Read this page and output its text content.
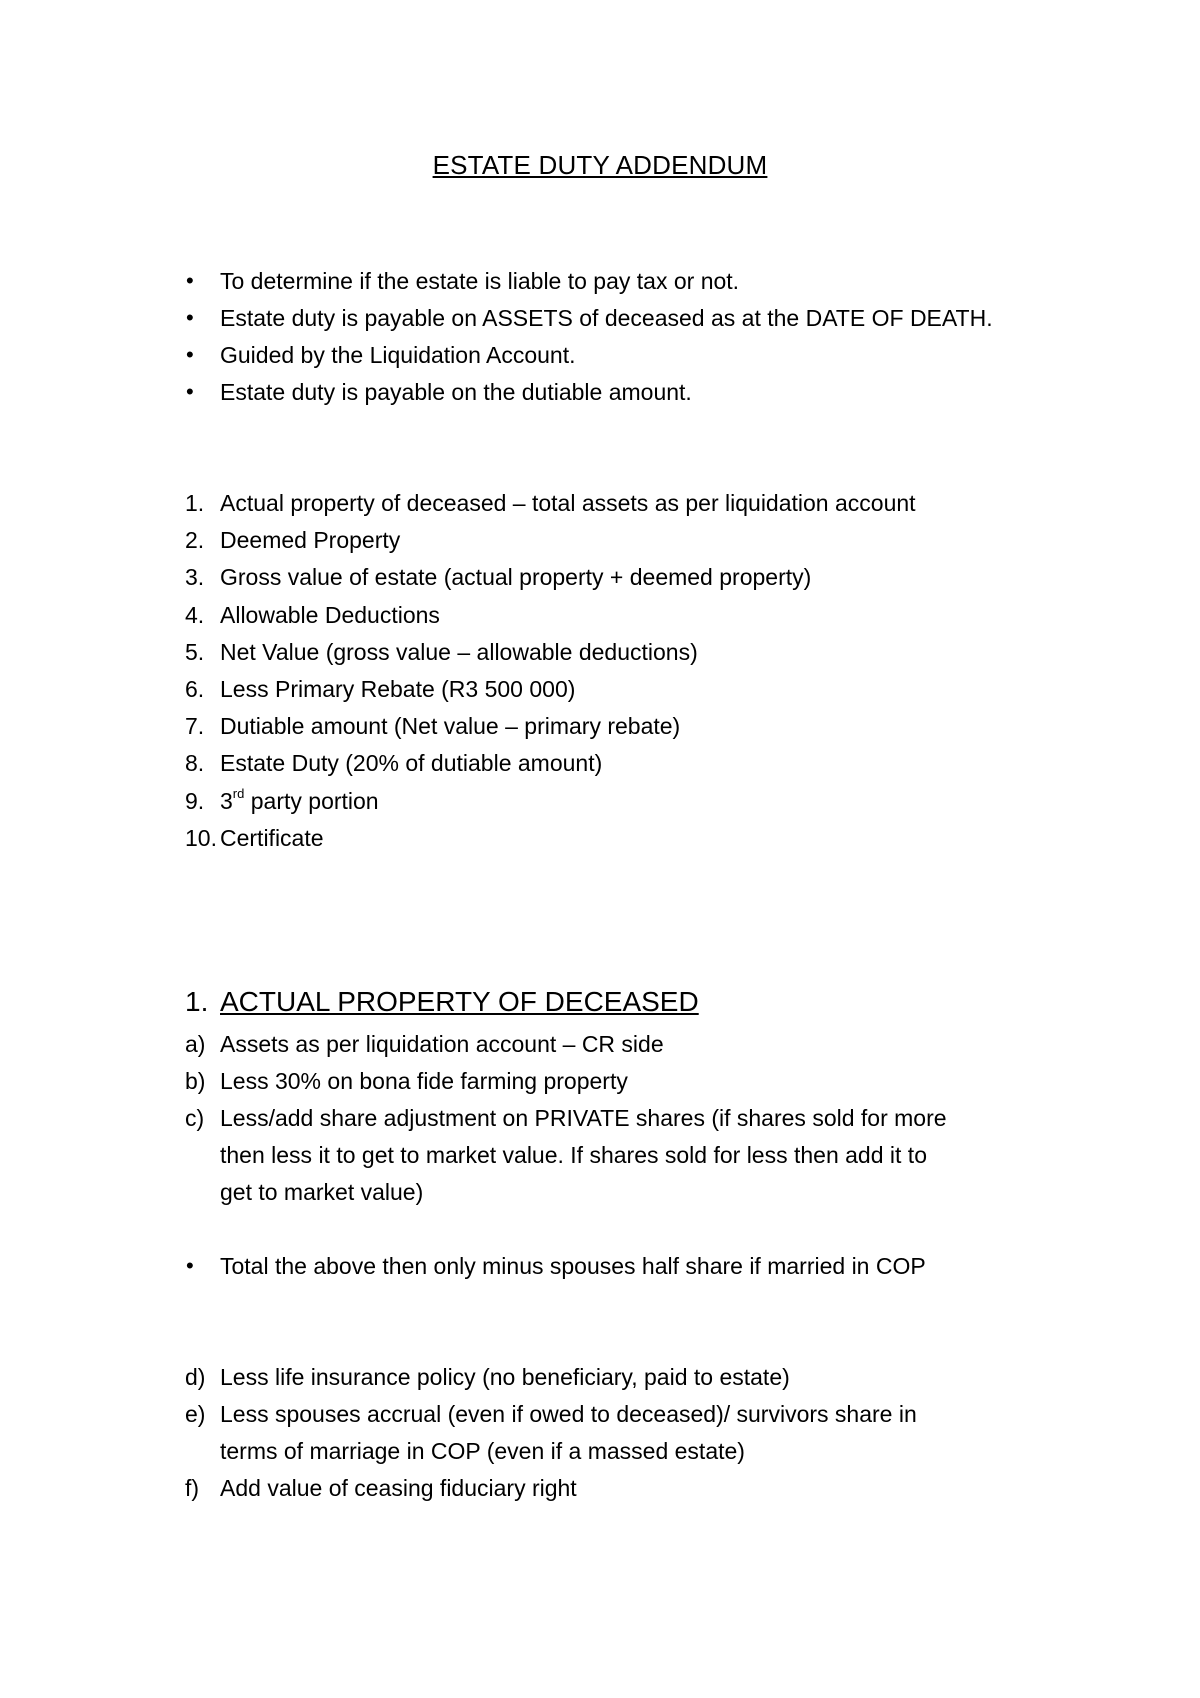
ESTATE DUTY ADDENDUM
•	To determine if the estate is liable to pay tax or not.
•	Estate duty is payable on ASSETS of deceased as at the DATE OF DEATH.
•	Guided by the Liquidation Account.
•	Estate duty is payable on the dutiable amount.
1. Actual property of deceased – total assets as per liquidation account
2. Deemed Property
3. Gross value of estate (actual property + deemed property)
4. Allowable Deductions
5. Net Value (gross value – allowable deductions)
6. Less Primary Rebate (R3 500 000)
7. Dutiable amount (Net value – primary rebate)
8. Estate Duty (20% of dutiable amount)
9. 3rd party portion
10. Certificate
1. ACTUAL PROPERTY OF DECEASED
a) Assets as per liquidation account – CR side
b) Less 30% on bona fide farming property
c) Less/add share adjustment on PRIVATE shares (if shares sold for more
then less it to get to market value. If shares sold for less then add it to
get to market value)
•	Total the above then only minus spouses half share if married in COP
d) Less life insurance policy (no beneficiary, paid to estate)
e) Less spouses accrual (even if owed to deceased)/ survivors share in
terms of marriage in COP (even if a massed estate)
f) Add value of ceasing fiduciary right
